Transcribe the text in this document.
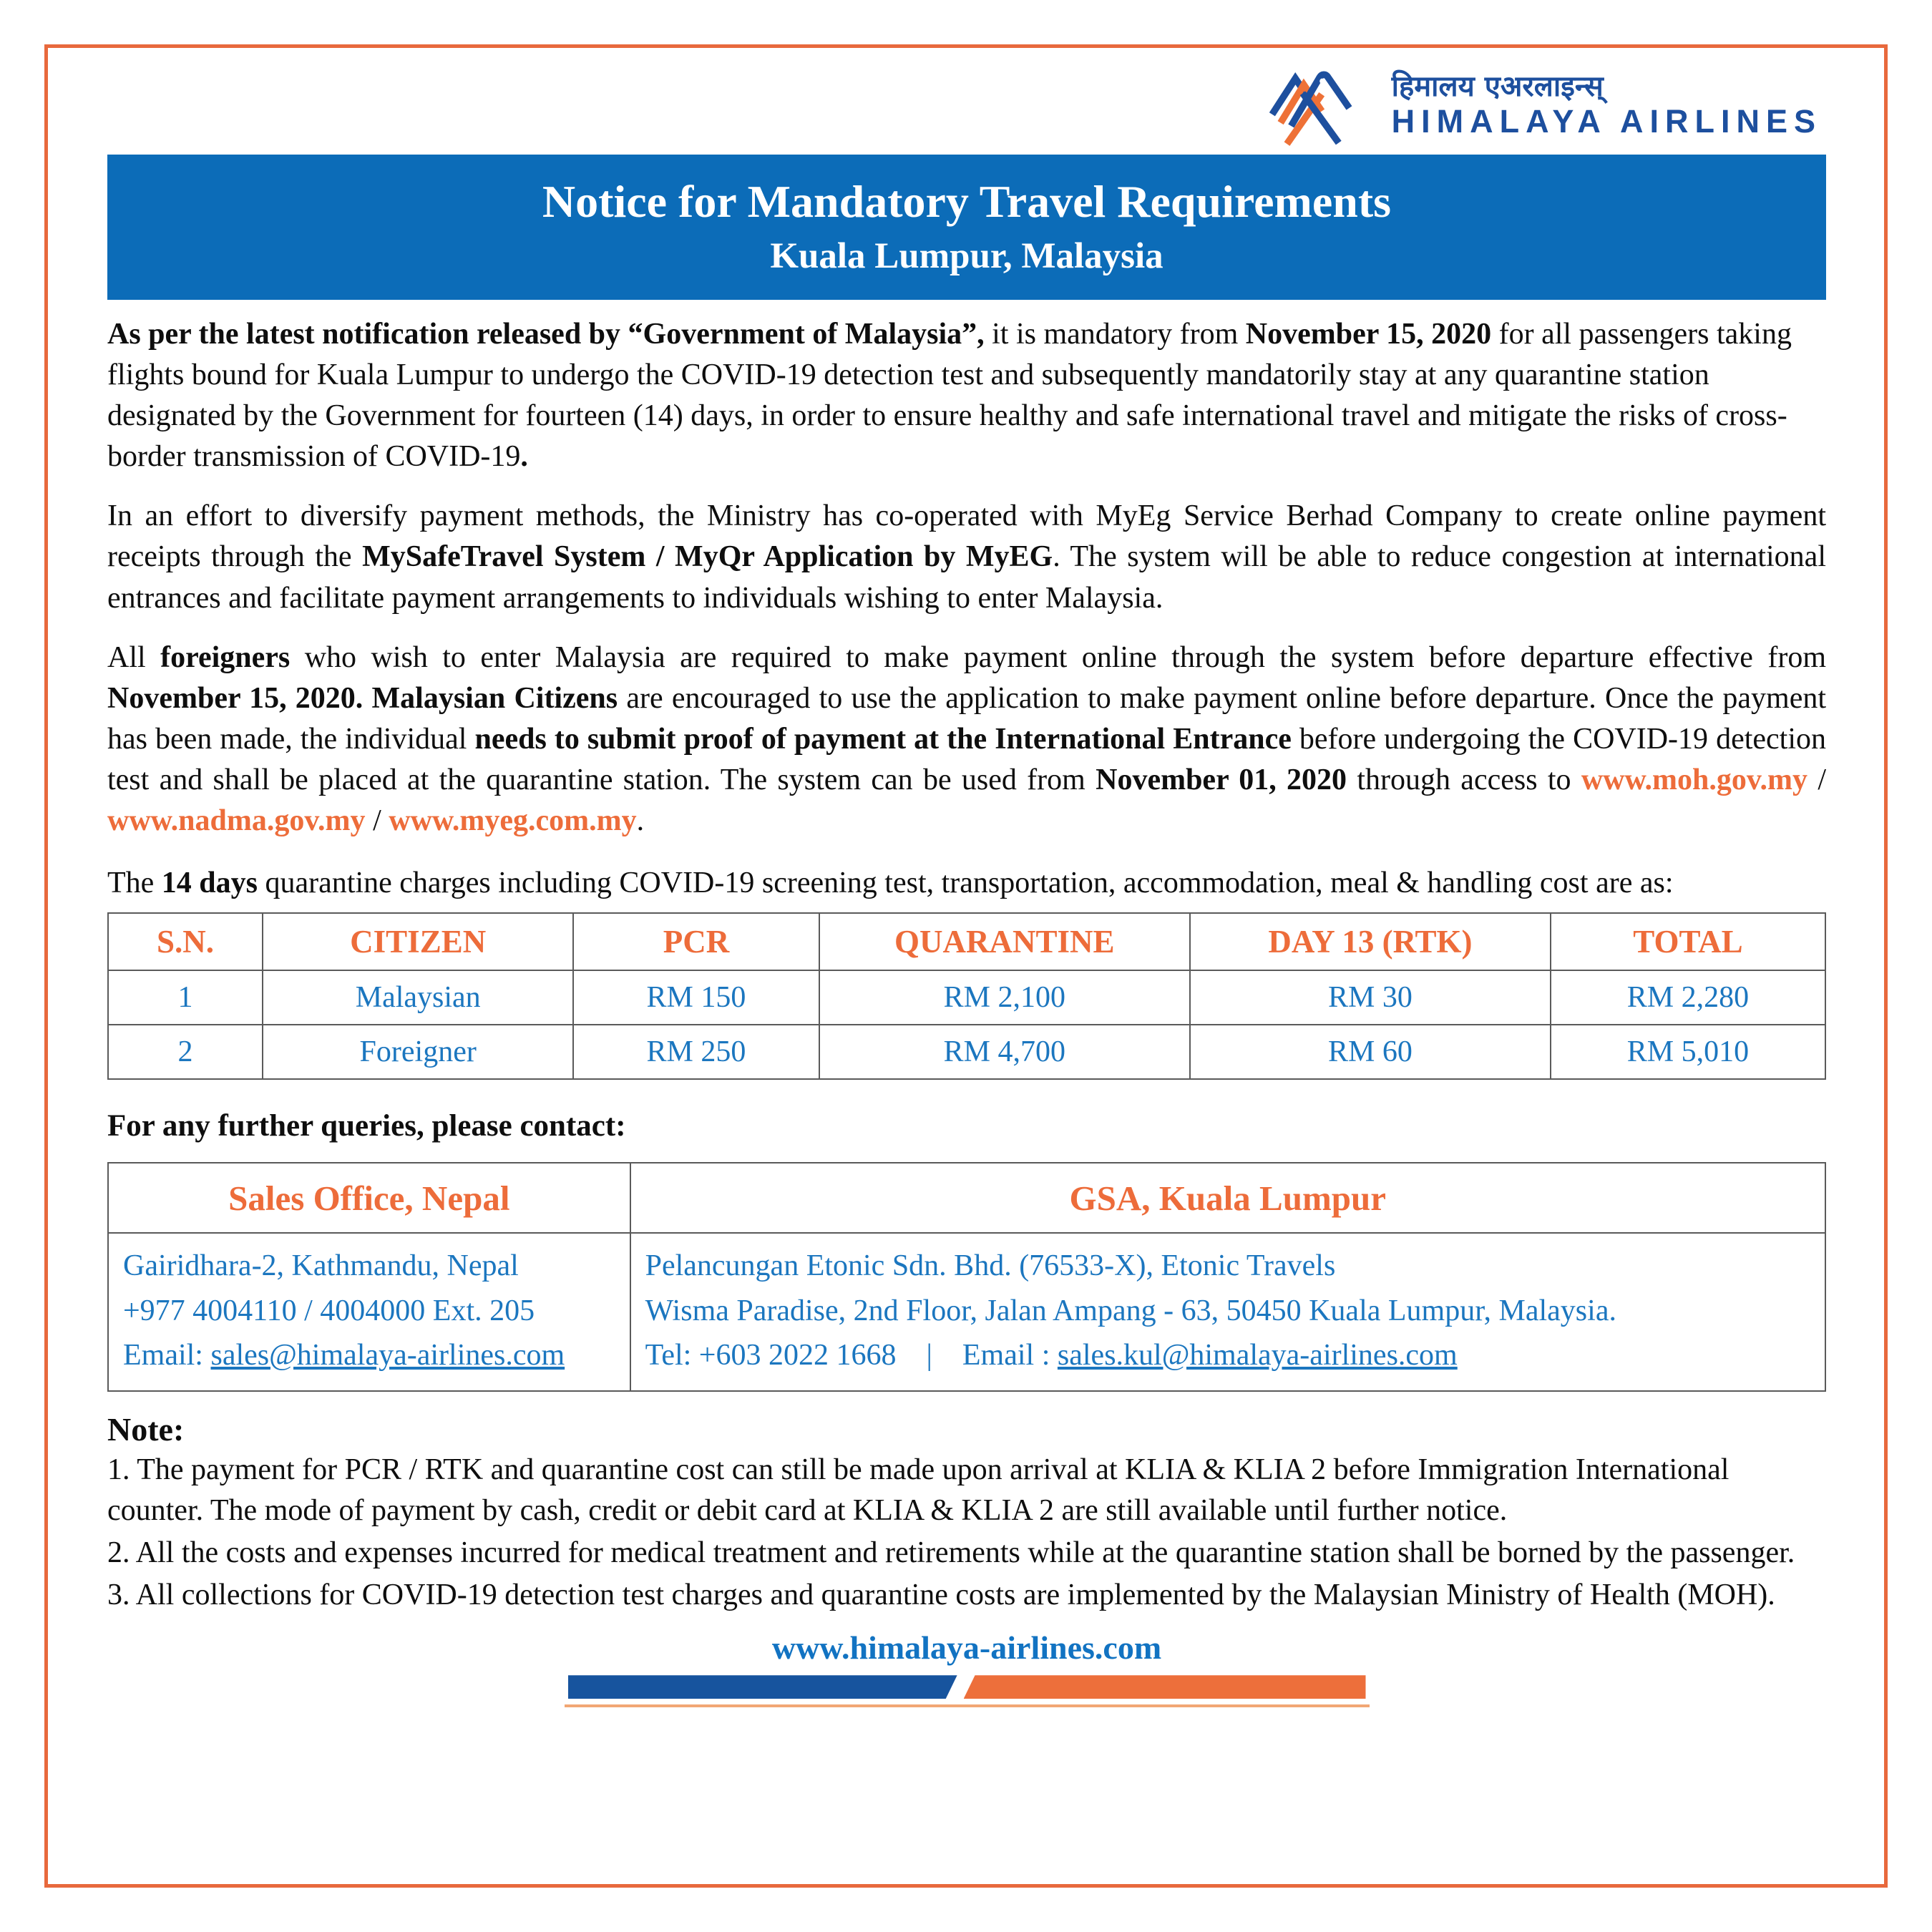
हिमालय एअरलाइन्स्
HIMALAYA AIRLINES
Notice for Mandatory Travel Requirements
Kuala Lumpur, Malaysia

As per the latest notification released by “Government of Malaysia”, it is mandatory from November 15, 2020 for all passengers taking flights bound for Kuala Lumpur to undergo the COVID-19 detection test and subsequently mandatorily stay at any quarantine station designated by the Government for fourteen (14) days, in order to ensure healthy and safe international travel and mitigate the risks of cross-border transmission of COVID-19.

In an effort to diversify payment methods, the Ministry has co-operated with MyEg Service Berhad Company to create online payment receipts through the MySafeTravel System / MyQr Application by MyEG. The system will be able to reduce congestion at international entrances and facilitate payment arrangements to individuals wishing to enter Malaysia.

All foreigners who wish to enter Malaysia are required to make payment online through the system before departure effective from November 15, 2020. Malaysian Citizens are encouraged to use the application to make payment online before departure. Once the payment has been made, the individual needs to submit proof of payment at the International Entrance before undergoing the COVID-19 detection test and shall be placed at the quarantine station. The system can be used from November 01, 2020 through access to www.moh.gov.my / www.nadma.gov.my / www.myeg.com.my.

The 14 days quarantine charges including COVID-19 screening test, transportation, accommodation, meal & handling cost are as:

S.N.	CITIZEN	PCR	QUARANTINE	DAY 13 (RTK)	TOTAL
1	Malaysian	RM 150	RM 2,100	RM 30	RM 2,280
2	Foreigner	RM 250	RM 4,700	RM 60	RM 5,010
For any further queries, please contact:
Sales Office, Nepal	GSA, Kuala Lumpur

Gairidhara-2, Kathmandu, Nepal
+977 4004110 / 4004000 Ext. 205
Email: sales@himalaya-airlines.com

Pelancungan Etonic Sdn. Bhd. (76533-X), Etonic Travels
Wisma Paradise, 2nd Floor, Jalan Ampang - 63, 50450 Kuala Lumpur, Malaysia.
Tel: +603 2022 1668 | Email : sales.kul@himalaya-airlines.com
Note:

1. The payment for PCR / RTK and quarantine cost can still be made upon arrival at KLIA & KLIA 2 before Immigration International counter. The mode of payment by cash, credit or debit card at KLIA & KLIA 2 are still available until further notice.

2. All the costs and expenses incurred for medical treatment and retirements while at the quarantine station shall be borned by the passenger.

3. All collections for COVID-19 detection test charges and quarantine costs are implemented by the Malaysian Ministry of Health (MOH).

www.himalaya-airlines.com
